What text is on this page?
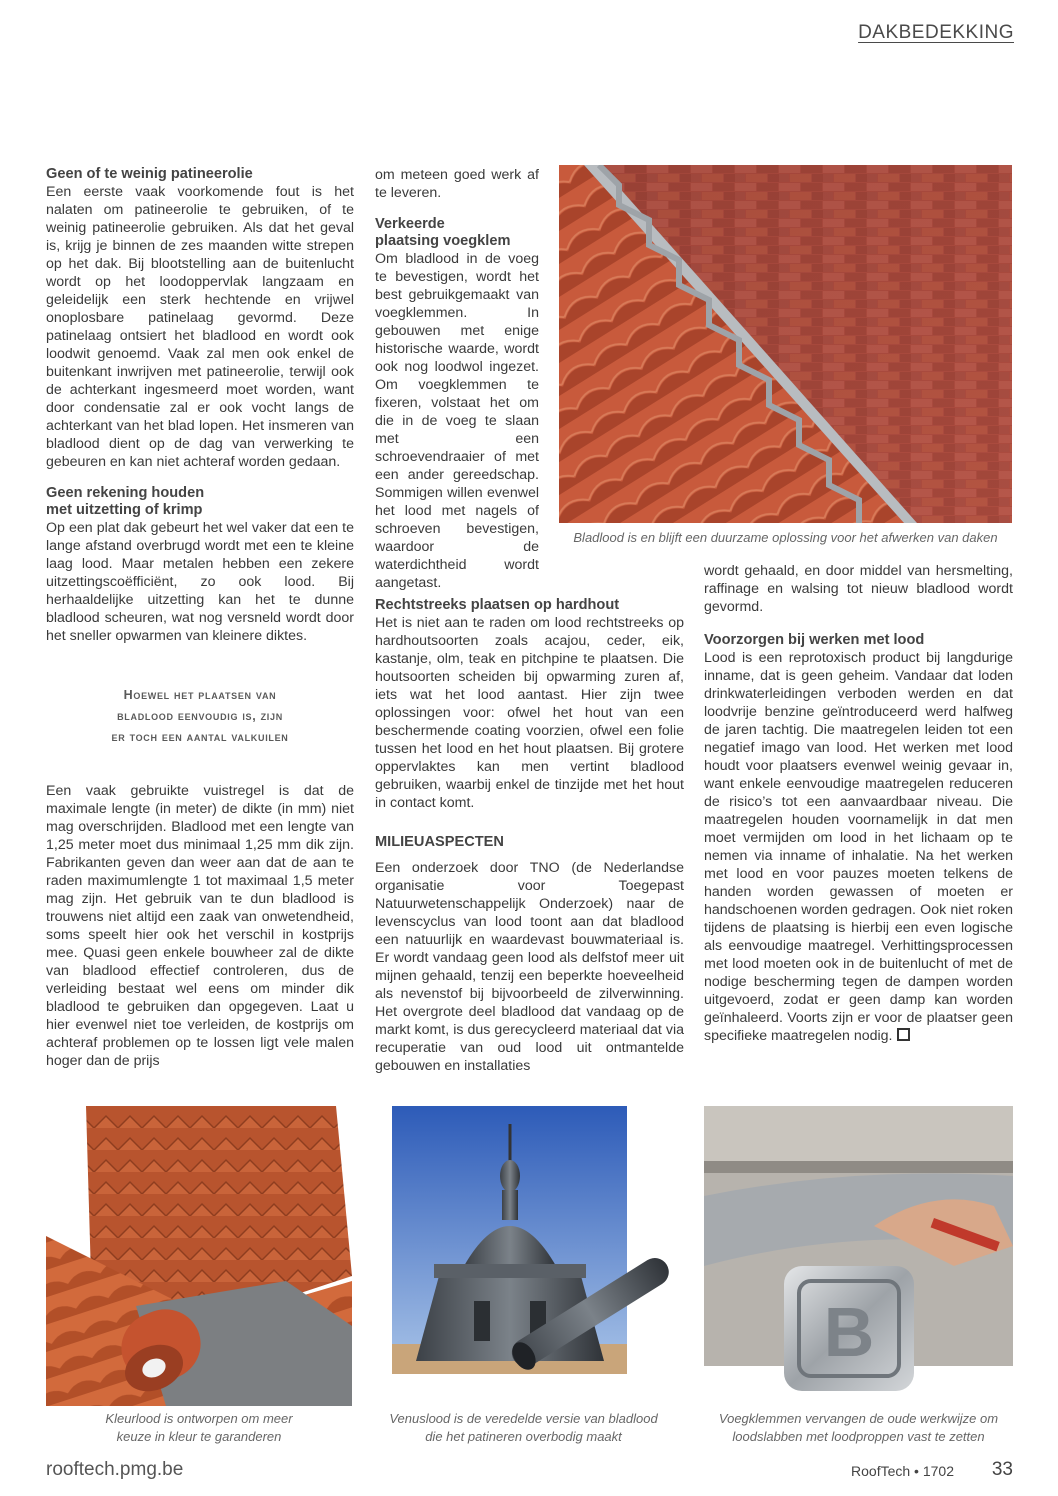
DAKBEDEKKING
Geen of te weinig patineerolie

Een eerste vaak voorkomende fout is het nalaten om patineerolie te gebruiken, of te weinig patineerolie gebruiken. Als dat het geval is, krijg je binnen de zes maanden witte strepen op het dak. Bij blootstelling aan de buitenlucht wordt op het loodoppervlak langzaam en geleidelijk een sterk hechtende en vrijwel onoplosbare patinelaag gevormd. Deze patinelaag ontsiert het bladlood en wordt ook loodwit genoemd. Vaak zal men ook enkel de buitenkant inwrijven met patineerolie, terwijl ook de achterkant ingesmeerd moet worden, want door condensatie zal er ook vocht langs de achterkant van het blad lopen. Het insmeren van bladlood dient op de dag van verwerking te gebeuren en kan niet achteraf worden gedaan.

Geen rekening houden
met uitzetting of krimp

Op een plat dak gebeurt het wel vaker dat een te lange afstand overbrugd wordt met een te kleine laag lood. Maar metalen hebben een zekere uitzettingscoëfficiënt, zo ook lood. Bij herhaaldelijke uitzetting kan het te dunne bladlood scheuren, wat nog versneld wordt door het sneller opwarmen van kleinere diktes.

Hoewel het plaatsen van
bladlood eenvoudig is, zijn
er toch een aantal valkuilen

Een vaak gebruikte vuistregel is dat de maximale lengte (in meter) de dikte (in mm) niet mag overschrijden. Bladlood met een lengte van 1,25 meter moet dus minimaal 1,25 mm dik zijn. Fabrikanten geven dan weer aan dat de aan te raden maximumlengte 1 tot maximaal 1,5 meter mag zijn. Het gebruik van te dun bladlood is trouwens niet altijd een zaak van onwetendheid, soms speelt hier ook het verschil in kostprijs mee. Quasi geen enkele bouwheer zal de dikte van bladlood effectief controleren, dus de verleiding bestaat wel eens om minder dik bladlood te gebruiken dan opgegeven. Laat u hier evenwel niet toe verleiden, de kostprijs om achteraf problemen op te lossen ligt vele malen hoger dan de prijs

om meteen goed werk af te leveren.

Verkeerde
plaatsing voegklem

Om bladlood in de voeg te bevestigen, wordt het best gebruikgemaakt van voegklemmen. In gebouwen met enige historische waarde, wordt ook nog loodwol ingezet. Om voegklemmen te fixeren, volstaat het om die in de voeg te slaan met een schroevendraaier of met een ander gereedschap. Sommigen willen evenwel het lood met nagels of schroeven bevestigen, waardoor de waterdichtheid wordt aangetast.

Rechtstreeks plaatsen op hardhout

Het is niet aan te raden om lood rechtstreeks op hardhoutsoorten zoals acajou, ceder, eik, kastanje, olm, teak en pitchpine te plaatsen. Die houtsoorten scheiden bij opwarming zuren af, iets wat het lood aantast. Hier zijn twee oplossingen voor: ofwel het hout van een beschermende coating voorzien, ofwel een folie tussen het lood en het hout plaatsen. Bij grotere oppervlaktes kan men vertint bladlood gebruiken, waarbij enkel de tinzijde met het hout in contact komt.

MILIEUASPECTEN

Een onderzoek door TNO (de Nederlandse organisatie voor Toegepast Natuurwetenschappelijk Onderzoek) naar de levenscyclus van lood toont aan dat bladlood een natuurlijk en waardevast bouwmateriaal is. Er wordt vandaag geen lood als delfstof meer uit mijnen gehaald, tenzij een beperkte hoeveelheid als nevenstof bij bijvoorbeeld de zilverwinning. Het overgrote deel bladlood dat vandaag op de markt komt, is dus gerecycleerd materiaal dat via recuperatie van oud lood uit ontmantelde gebouwen en installaties

wordt gehaald, en door middel van hersmelting, raffinage en walsing tot nieuw bladlood wordt gevormd.

Voorzorgen bij werken met lood

Lood is een reprotoxisch product bij langdurige inname, dat is geen geheim. Vandaar dat loden drinkwaterleidingen verboden werden en dat loodvrije benzine geïntroduceerd werd halfweg de jaren tachtig. Die maatregelen leiden tot een negatief imago van lood. Het werken met lood houdt voor plaatsers evenwel weinig gevaar in, want enkele eenvoudige maatregelen reduceren de risico’s tot een aanvaardbaar niveau. Die maatregelen houden voornamelijk in dat men moet vermijden om lood in het lichaam op te nemen via inname of inhalatie. Na het werken met lood en voor pauzes moeten telkens de handen worden gewassen of moeten er handschoenen worden gedragen. Ook niet roken tijdens de plaatsing is hierbij een even logische als eenvoudige maatregel. Verhittingsprocessen met lood moeten ook in de buitenlucht of met de nodige bescherming tegen de dampen worden uitgevoerd, zodat er geen damp kan worden geïnhaleerd. Voorts zijn er voor de plaatser geen specifieke maatregelen nodig.

Bladlood is en blijft een duurzame oplossing voor het afwerken van daken
Kleurlood is ontworpen om meer
keuze in kleur te garanderen
Venuslood is de veredelde versie van bladlood
die het patineren overbodig maakt
B
Voegklemmen vervangen de oude werkwijze om
loodslabben met loodproppen vast te zetten
rooftech.pmg.be	RoofTech • 1702 33
